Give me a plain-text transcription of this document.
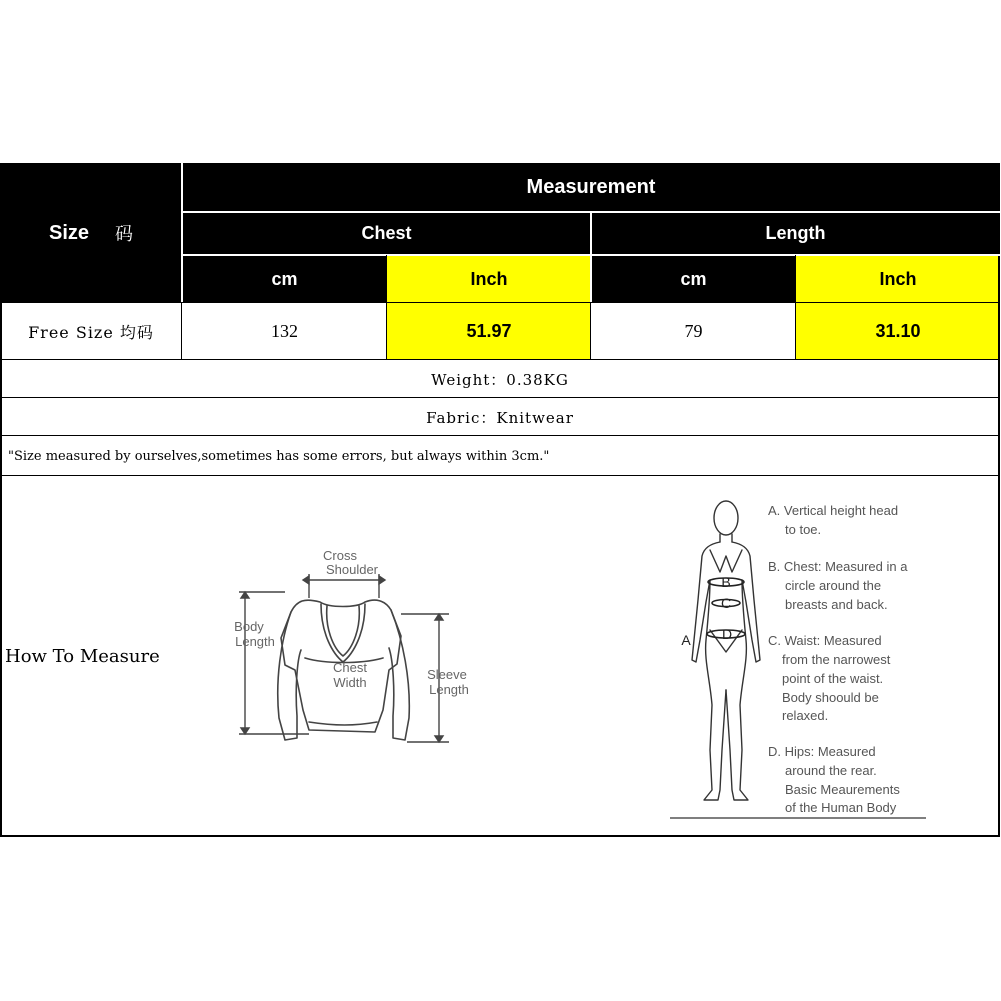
Size 码
Measurement
Chest	Length
cm	Inch	cm	Inch
Free Size 均码	132	51.97	79	31.10
Weight：0.38KG
Fabric：Knitwear
"Size measured by ourselves,sometimes has some errors, but always within 3cm."
How To Measure
Cross
Shoulder
Body
Length
Chest
Width
Sleeve
Length
B
C
D
A
A. Vertical height head
to toe.
B. Chest: Measured in a
circle around the
breasts and back.
C. Waist: Measured
from the narrowest
point of the waist.
Body shoould be
relaxed.
D. Hips: Measured
around the rear.
Basic Meaurements
of the Human Body
